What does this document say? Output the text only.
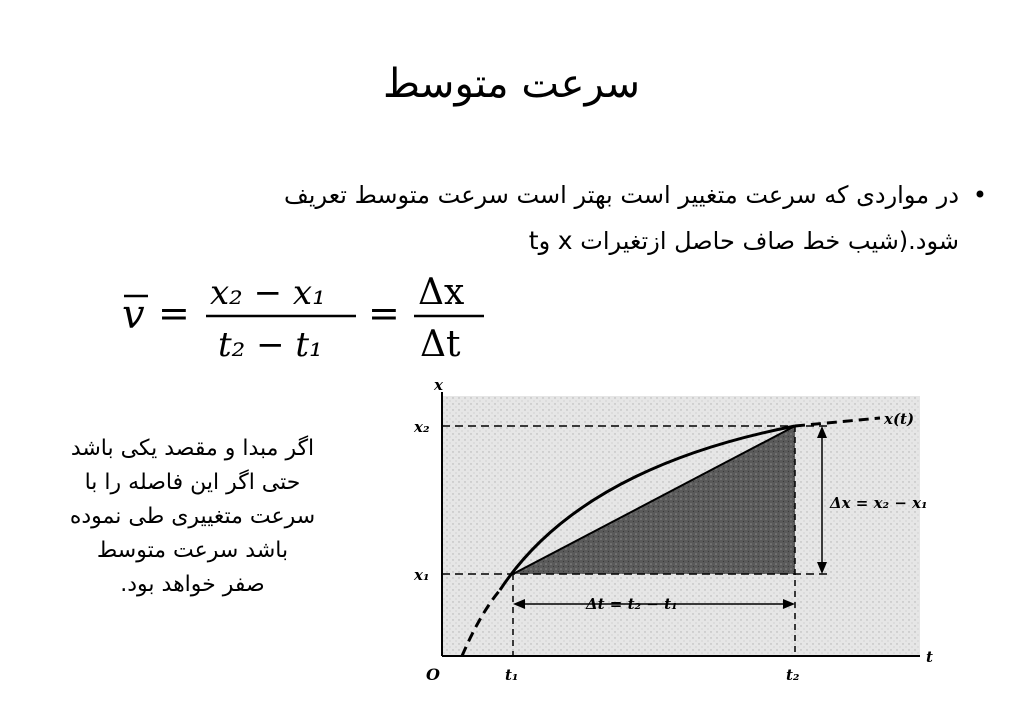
سرعت متوسط
•
در مواردی که سرعت متغییر است بهتر است سرعت متوسط تعریف
شود.(شیب خط صاف حاصل ازتغیرات x وt
v = x₂ − x₁
t₂ − t₁
= Δx
Δt
اگر مبدا و مقصد یکی باشد
حتی اگر این فاصله را با
سرعت متغییری طی نموده
باشد سرعت متوسط
صفر خواهد بود.
x
t
O
x₂
x₁
t₁	t₂
x(t)
Δx = x₂ − x₁
Δt = t₂ − t₁
